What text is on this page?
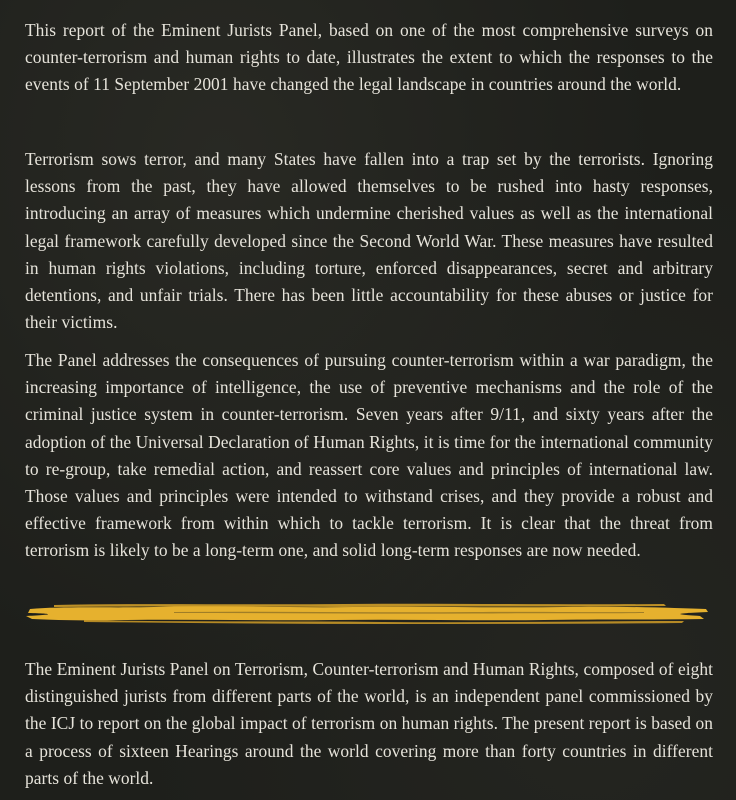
This report of the Eminent Jurists Panel, based on one of the most comprehensive surveys on counter-terrorism and human rights to date, illustrates the extent to which the responses to the events of 11 September 2001 have changed the legal landscape in countries around the world.

Terrorism sows terror, and many States have fallen into a trap set by the terrorists. Ignoring lessons from the past, they have allowed themselves to be rushed into hasty responses, introducing an array of measures which undermine cherished values as well as the international legal framework carefully developed since the Second World War. These measures have resulted in human rights violations, including torture, enforced disappearances, secret and arbitrary detentions, and unfair trials. There has been little accountability for these abuses or justice for their victims.

The Panel addresses the consequences of pursuing counter-terrorism within a war paradigm, the increasing importance of intelligence, the use of preventive mechanisms and the role of the criminal justice system in counter-terrorism. Seven years after 9/11, and sixty years after the adoption of the Universal Declaration of Human Rights, it is time for the international community to re-group, take remedial action, and reassert core values and principles of international law. Those values and principles were intended to withstand crises, and they provide a robust and effective framework from within which to tackle terrorism. It is clear that the threat from terrorism is likely to be a long-term one, and solid long-term responses are now needed.

The Eminent Jurists Panel on Terrorism, Counter-terrorism and Human Rights, composed of eight distinguished jurists from different parts of the world, is an independent panel commissioned by the ICJ to report on the global impact of terrorism on human rights. The present report is based on a process of sixteen Hearings around the world covering more than forty countries in different parts of the world.
